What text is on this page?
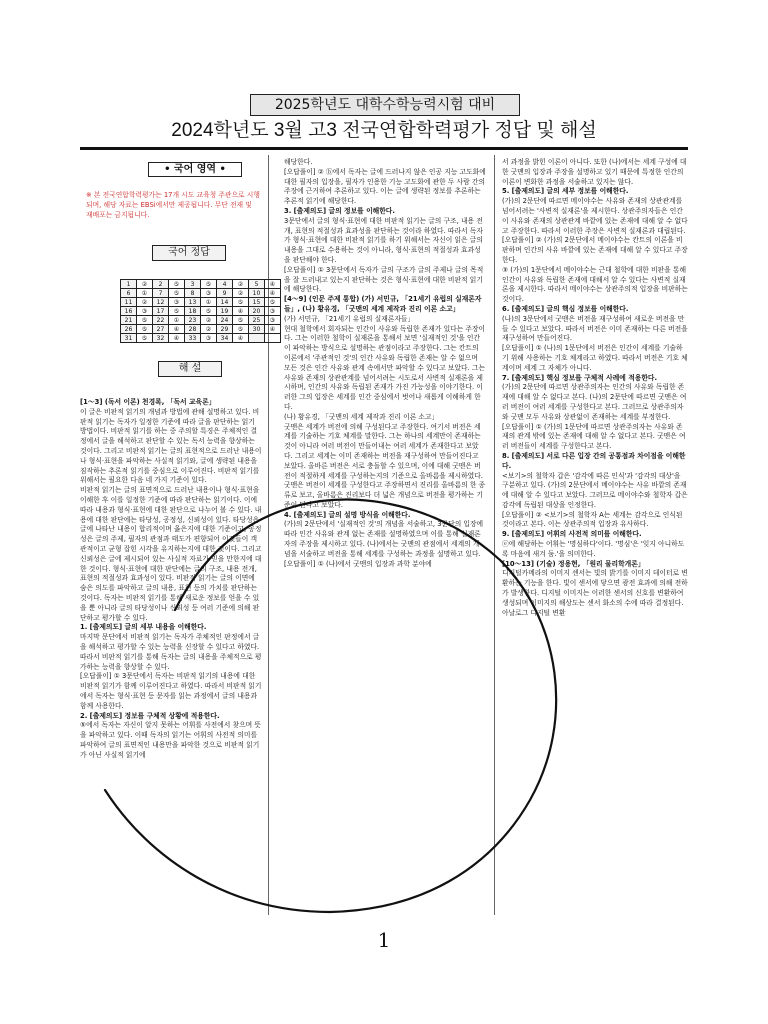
2025학년도 대학수학능력시험 대비
2024학년도 3월 고3 전국연합학력평가 정답 및 해설
• 국어 영역 •
※ 본 전국연합학력평가는 17개 시도 교육청 주관으로 시행되며, 해당 자료는 EBSi에서만 제공됩니다. 무단 전재 및 재배포는 금지됩니다.
국어 정답
1	②	2	⑤	3	⑤	4	②	5	④
6	①	7	⑤	8	③	9	②	10	④
11	②	12	③	13	①	14	⑤	15	⑤
16	③	17	⑤	18	⑤	19	④	20	③
21	⑤	22	①	23	②	24	⑤	25	③
26	⑤	27	④	28	②	29	⑤	30	④
31	⑤	32	④	33	③	34	④		
해 설

[1～3] (독서 이론) 천경록, 「독서 교육론」

이 글은 비판적 읽기의 개념과 방법에 관해 설명하고 있다. 비판적 읽기는 독자가 일정한 기준에 따라 글을 판단하는 읽기 방법이다. 비판적 읽기를 하는 중 주의할 특징은 주체적인 결정에서 글을 해석하고 판단할 수 있는 독서 능력을 향상하는 것이다. 그리고 비판적 읽기는 글의 표현적으로 드러난 내용이나 형식·표현을 파악하는 사실적 읽기와, 글에 생략된 내용을 짐작하는 추론적 읽기를 중심으로 이루어진다. 비판적 읽기를 위해서는 필요한 다음 네 가지 기준이 있다.

비판적 읽기는 글의 표면적으로 드러난 내용이나 형식·표현을 이해한 후 이를 일정한 기준에 따라 판단하는 읽기이다. 이에 따라 내용과 형식·표현에 대한 판단으로 나누어 볼 수 있다. 내용에 대한 판단에는 타당성, 공정성, 신뢰성이 있다. 타당성은 글에 나타난 내용이 합리적이며 옳은지에 대한 기준이고, 공정성은 글의 주제, 필자의 관점과 태도가 편향되어 이것들이 객관적이고 균형 잡힌 시각을 유지하는지에 대한 것이다. 그리고 신뢰성은 글에 제시되어 있는 사실적 자료가 믿을 만한지에 대한 것이다. 형식·표현에 대한 판단에는 글의 구조, 내용 전개, 표현의 적절성과 효과성이 있다. 비판적 읽기는 글의 이면에 숨은 의도를 파악하고 글의 내용, 표현 등의 가치를 판단하는 것이다. 독자는 비판적 읽기를 통해 새로운 정보를 얻을 수 있을 뿐 아니라 글의 타당성이나 신뢰성 등 여러 기준에 의해 판단하고 평가할 수 있다.

1. [출제의도] 글의 세부 내용을 이해한다.

마지막 문단에서 비판적 읽기는 독자가 주체적인 판정에서 글을 해석하고 평가할 수 있는 능력을 신장할 수 있다고 하였다. 따라서 비판적 읽기를 통해 독자는 글의 내용을 주체적으로 평가하는 능력을 향상할 수 있다.

[오답풀이] ① 3문단에서 독자는 비판적 읽기의 내용에 대한 비판적 읽기가 함께 이루어진다고 하였다. 따라서 비판적 읽기에서 독자는 형식·표현 등 문자를 읽는 과정에서 글의 내용과 함께 사용한다.

2. [출제의도] 정보를 구체적 상황에 적용한다.

⑤에서 독자는 자신이 알지 못하는 어휘를 사전에서 찾으며 뜻을 파악하고 있다. 이때 독자의 읽기는 어휘의 사전적 의미를 파악하여 글의 표면적인 내용만을 파악한 것으로 비판적 읽기가 아닌 사실적 읽기에

해당한다.

[오답풀이] ② ⓑ에서 독자는 글에 드러나지 않은 인공 지능 고도화에 대한 필자의 입장을, 필자가 인용한 기능 고도화에 관한 두 사람 간의 주장에 근거하여 추론하고 있다. 이는 글에 생략된 정보를 추론하는 추론적 읽기에 해당한다.

3. [출제의도] 글의 정보를 이해한다.

3문단에서 글의 형식·표현에 대한 비판적 읽기는 글의 구조, 내용 전개, 표현의 적절성과 효과성을 판단하는 것이라 하였다. 따라서 독자가 형식·표현에 대한 비판적 읽기를 하기 위해서는 자신이 읽은 글의 내용을 그대로 수용하는 것이 아니라, 형식·표현의 적절성과 효과성을 판단해야 한다.

[오답풀이] ① 3문단에서 독자가 글의 구조가 글의 주제나 글의 목적을 잘 드러내고 있는지 판단하는 것은 형식·표현에 대한 비판적 읽기에 해당한다.

[4～9] (인문 주제 통합) (가) 서민규, 「21세기 유럽의 실재론자들」, (나) 황유경, 「굿맨의 세계 제작과 진리 이론 소고」

(가) 서민규, 「21세기 유럽의 실재론자들」

현대 철학에서 회자되는 인간이 사유와 독립한 존재가 있다는 주장이다. 그는 이러한 철학이 실재론을 통해서 보면 '실재적인 것'을 인간이 파악하는 방식으로 설명하는 관점이라고 주장한다. 그는 칸트의 이론에서 '주관적인 것'의 인간 사유와 독립한 존재는 알 수 없으며 모든 것은 인간 사유와 관계 속에서만 파악할 수 있다고 보았다. 그는 사유와 존재의 상관관계를 넘어서려는 시도로서 사변적 실재론을 제시하며, 인간의 사유와 독립된 존재가 가진 가능성을 이야기한다. 이러한 그의 입장은 세계를 인간 중심에서 벗어나 새롭게 이해하게 한다.

(나) 황유경, 「굿맨의 세계 제작과 진리 이론 소고」

굿맨은 세계가 버전에 의해 구성된다고 주장한다. 여기서 버전은 세계를 기술하는 기호 체계를 말한다. 그는 하나의 세계만이 존재하는 것이 아니라 여러 버전이 만들어내는 여러 세계가 존재한다고 보았다. 그리고 세계는 이미 존재하는 버전을 재구성하여 만들어진다고 보았다. 올바른 버전은 서로 충돌할 수 있으며, 이에 대해 굿맨은 버전이 적절하게 세계를 구성하는지의 기준으로 올바름을 제시하였다. 굿맨은 버전이 세계를 구성한다고 주장하면서 진리를 올바름의 한 종류로 보고, 올바름은 진리보다 더 넓은 개념으로 버전을 평가하는 기준이 된다고 보았다.

4. [출제의도] 글의 설명 방식을 이해한다.

(가)의 2문단에서 '실재적인 것'의 개념을 서술하고, 3문단의 입장에 따라 인간 사유와 관계 없는 존재를 설명하였으며 이를 통해 실재론자의 주장을 제시하고 있다. (나)에서는 굿맨의 관점에서 세계의 개념을 서술하고 버전을 통해 세계를 구성하는 과정을 설명하고 있다.

[오답풀이] ① (나)에서 굿맨의 입장과 과학 분야에

서 과정을 밝힌 이론이 아니다. 또한 (나)에서는 세계 구성에 대한 굿맨의 입장과 주장을 설명하고 있기 때문에 특정한 인간의 이론이 변화한 과정을 서술하고 있지는 않다.

5. [출제의도] 글의 세부 정보를 이해한다.

(가)의 2문단에 따르면 메이야수는 사유와 존재의 상관관계를 넘어서려는 '사변적 실재론'을 제시한다. 상관주의자들은 인간이 사유와 존재의 상관관계 바깥에 있는 존재에 대해 알 수 없다고 주장한다. 따라서 이러한 주장은 사변적 실재론과 대립된다.

[오답풀이] ② (가)의 2문단에서 메이야수는 칸트의 이론을 비판하며 인간의 사유 바깥에 있는 존재에 대해 알 수 있다고 주장한다.

③ (가)의 1문단에서 메이야수는 근대 철학에 대한 비판을 통해 인간이 사유와 독립한 존재에 대해서 알 수 있다는 사변적 실재론을 제시한다. 따라서 메이야수는 상관주의적 입장을 비판하는 것이다.

6. [출제의도] 글의 핵심 정보를 이해한다.

(나)의 3문단에서 굿맨은 버전을 재구성하여 새로운 버전을 만들 수 있다고 보았다. 따라서 버전은 이미 존재하는 다른 버전을 재구성하여 만들어진다.

[오답풀이] ① (나)의 1문단에서 버전은 인간이 세계를 기술하기 위해 사용하는 기호 체계라고 하였다. 따라서 버전은 기호 체계이며 세계 그 자체가 아니다.

7. [출제의도] 핵심 정보를 구체적 사례에 적용한다.

(가)의 2문단에 따르면 상관주의자는 인간의 사유와 독립한 존재에 대해 알 수 없다고 본다. (나)의 2문단에 따르면 굿맨은 여러 버전이 여러 세계를 구성한다고 본다. 그러므로 상관주의자와 굿맨 모두 사유와 상관없이 존재하는 세계를 부정한다.

[오답풀이] ① (가)의 1문단에 따르면 상관주의자는 사유와 존재의 관계 밖에 있는 존재에 대해 알 수 없다고 본다. 굿맨은 여러 버전들이 세계를 구성한다고 본다.

8. [출제의도] 서로 다른 입장 간의 공통점과 차이점을 이해한다.

<보기>의 철학자 갑은 '감각에 따른 인식'과 '감각의 대상'을 구분하고 있다. (가)의 2문단에서 메이야수는 사유 바깥의 존재에 대해 알 수 있다고 보았다. 그러므로 메이야수와 철학자 갑은 감각에 독립된 대상을 인정한다.

[오답풀이] ② <보기>의 철학자 A는 세계는 감각으로 인식된 것이라고 본다. 이는 상관주의적 입장과 유사하다.

9. [출제의도] 어휘의 사전적 의미를 이해한다.

ⓔ에 해당하는 어휘는 '명심하다'이다. '명심'은 '잊지 아니하도록 마음에 새겨 둠.'을 의미한다.

[10～13] (기술) 정용현, 「원리 물리학개론」

디지털카메라의 이미지 센서는 빛의 밝기를 이미지 데이터로 변환하는 기능을 한다. 빛이 센서에 닿으면 광전 효과에 의해 전하가 발생한다. 디지털 이미지는 이러한 센서의 신호를 변환하여 생성되며 이미지의 해상도는 센서 화소의 수에 따라 결정된다. 아날로그 디지털 변환

1
